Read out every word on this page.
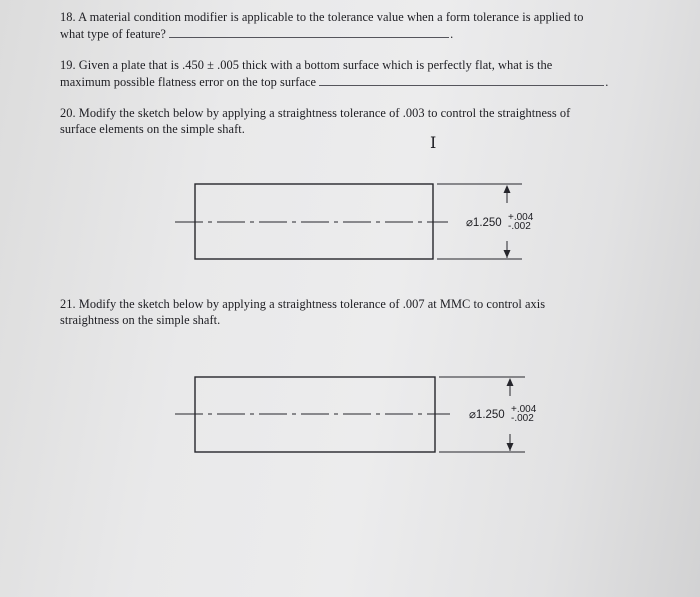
18. A material condition modifier is applicable to the tolerance value when a form tolerance is applied to
what type of feature?	.
19. Given a plate that is .450 ± .005 thick with a bottom surface which is perfectly flat, what is the
maximum possible flatness error on the top surface	.
20. Modify the sketch below by applying a straightness tolerance of .003 to control the straightness of
surface elements on the simple shaft.
I
⌀1.250 +.004
-.002
21. Modify the sketch below by applying a straightness tolerance of .007 at MMC to control axis
straightness on the simple shaft.
⌀1.250 +.004
-.002
